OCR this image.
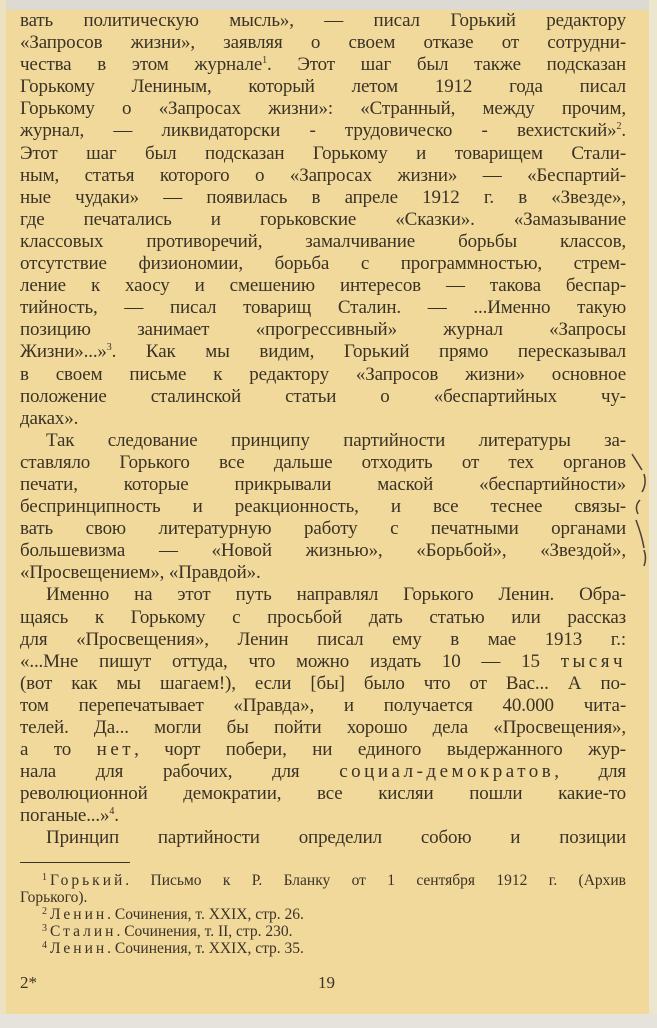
вать политическую мысль», — писал Горький редактору
«Запросов жизни», заявляя о своем отказе от сотрудни-
чества в этом журнале$^1$. Этот шаг был также подсказан
Горькому Лениным, который летом 1912 года писал
Горькому о «Запросах жизни»: «Странный, между прочим,
журнал, — ликвидаторски - трудовическо - вехистский»$^2$.
Этот шаг был подсказан Горькому и товарищем Стали-
ным, статья которого о «Запросах жизни» — «Беспартий-
ные чудаки» — появилась в апреле 1912 г. в «Звезде»,
где печатались и горьковские «Сказки». «Замазывание
классовых противоречий, замалчивание борьбы классов,
отсутствие физиономии, борьба с программностью, стрем-
ление к хаосу и смешению интересов — такова беспар-
тийность, — писал товарищ Сталин. — ...Именно такую
позицию занимает «прогрессивный» журнал «Запросы
Жизни»...»$^3$. Как мы видим, Горький прямо пересказывал
в своем письме к редактору «Запросов жизни» основное
положение сталинской статьи о «беспартийных чу-
даках».
Так следование принципу партийности литературы за-
ставляло Горького все дальше отходить от тех органов
печати, которые прикрывали маской «беспартийности»
беспринципность и реакционность, и все теснее связы-
вать свою литературную работу с печатными органами
большевизма — «Новой жизнью», «Борьбой», «Звездой»,
«Просвещением», «Правдой».
Именно на этот путь направлял Горького Ленин. Обра-
щаясь к Горькому с просьбой дать статью или рассказ
для «Просвещения», Ленин писал ему в мае 1913 г.:
«...Мне пишут оттуда, что можно издать 10 — 15 тысяч
(вот как мы шагаем!), если [бы] было что от Вас... А по-
том перепечатывает «Правда», и получается 40.000 чита-
телей. Да... могли бы пойти хорошо дела «Просвещения»,
а то нет, чорт побери, ни единого выдержанного жур-
нала для рабочих, для социал-демократов, для
революционной демократии, все кисляи пошли какие-то
поганые...»$^4$.
Принцип партийности определил собою и позиции
$^1$ Горький. Письмо к Р. Бланку от 1 сентября 1912 г. (Архив
Горького).
$^2$ Ленин. Сочинения, т. XXIX, стр. 26.
$^3$ Сталин. Сочинения, т. II, стр. 230.
$^4$ Ленин. Сочинения, т. XXIX, стр. 35.
2*	19
